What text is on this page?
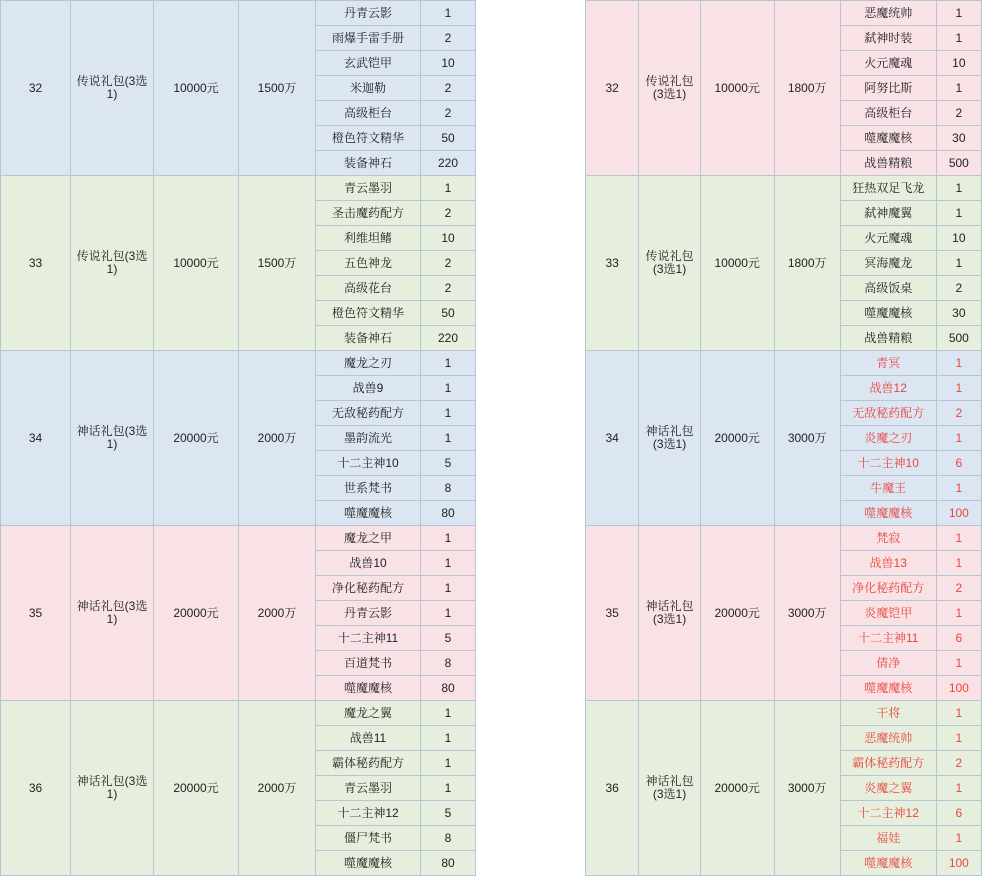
32	传说礼包(3选1)	10000元	1500万	丹青云影	1
				雨爆手雷手册	2
				玄武铠甲	10
				米迦勒	2
				高级柜台	2
				橙色符文精华	50
				装备神石	220
33	传说礼包(3选1)	10000元	1500万	青云墨羽	1
				圣击魔药配方	2
				利维坦鳍	10
				五色神龙	2
				高级花台	2
				橙色符文精华	50
				装备神石	220
34	神话礼包(3选1)	20000元	2000万	魔龙之刃	1
				战兽9	1
				无敌秘药配方	1
				墨韵流光	1
				十二主神10	5
				世系梵书	8
				噬魔魔核	80
35	神话礼包(3选1)	20000元	2000万	魔龙之甲	1
				战兽10	1
				净化秘药配方	1
				丹青云影	1
				十二主神11	5
				百道梵书	8
				噬魔魔核	80
36	神话礼包(3选1)	20000元	2000万	魔龙之翼	1
				战兽11	1
				霸体秘药配方	1
				青云墨羽	1
				十二主神12	5
				僵尸梵书	8
				噬魔魔核	80
32	传说礼包(3选1)	10000元	1800万	恶魔统帅	1
				弑神时装	1
				火元魔魂	10
				阿努比斯	1
				高级柜台	2
				噬魔魔核	30
				战兽精粮	500
33	传说礼包(3选1)	10000元	1800万	狂热双足飞龙	1
				弑神魔翼	1
				火元魔魂	10
				冥海魔龙	1
				高级饭桌	2
				噬魔魔核	30
				战兽精粮	500
34	神话礼包(3选1)	20000元	3000万	青冥	1
				战兽12	1
				无敌秘药配方	2
				炎魔之刃	1
				十二主神10	6
				牛魔王	1
				噬魔魔核	100
35	神话礼包(3选1)	20000元	3000万	梵寂	1
				战兽13	1
				净化秘药配方	2
				炎魔铠甲	1
				十二主神11	6
				倩净	1
				噬魔魔核	100
36	神话礼包(3选1)	20000元	3000万	干将	1
				恶魔统帅	1
				霸体秘药配方	2
				炎魔之翼	1
				十二主神12	6
				福娃	1
				噬魔魔核	100
